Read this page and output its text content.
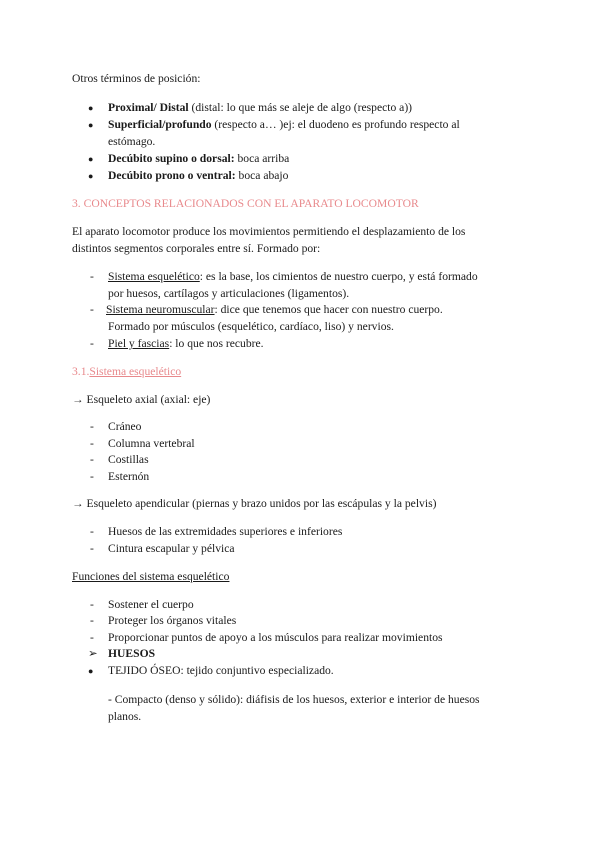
Otros términos de posición:
● Proximal/ Distal (distal: lo que más se aleje de algo (respecto a))
● Superficial/profundo (respecto a… )ej: el duodeno es profundo respecto al
estómago.
● Decúbito supino o dorsal: boca arriba
● Decúbito prono o ventral: boca abajo
3. CONCEPTOS RELACIONADOS CON EL APARATO LOCOMOTOR
El aparato locomotor produce los movimientos permitiendo el desplazamiento de los
distintos segmentos corporales entre sí. Formado por:
- Sistema esquelético: es la base, los cimientos de nuestro cuerpo, y está formado
por huesos, cartílagos y articulaciones (ligamentos).
- Sistema neuromuscular: dice que tenemos que hacer con nuestro cuerpo.
Formado por músculos (esquelético, cardíaco, liso) y nervios.
- Piel y fascias: lo que nos recubre.
3.1.Sistema esquelético
→ Esqueleto axial (axial: eje)
- Cráneo
- Columna vertebral
- Costillas
- Esternón
→ Esqueleto apendicular (piernas y brazo unidos por las escápulas y la pelvis)
- Huesos de las extremidades superiores e inferiores
- Cintura escapular y pélvica
Funciones del sistema esquelético
- Sostener el cuerpo
- Proteger los órganos vitales
- Proporcionar puntos de apoyo a los músculos para realizar movimientos
➢ HUESOS
● TEJIDO ÓSEO: tejido conjuntivo especializado.
- Compacto (denso y sólido): diáfisis de los huesos, exterior e interior de huesos
planos.
